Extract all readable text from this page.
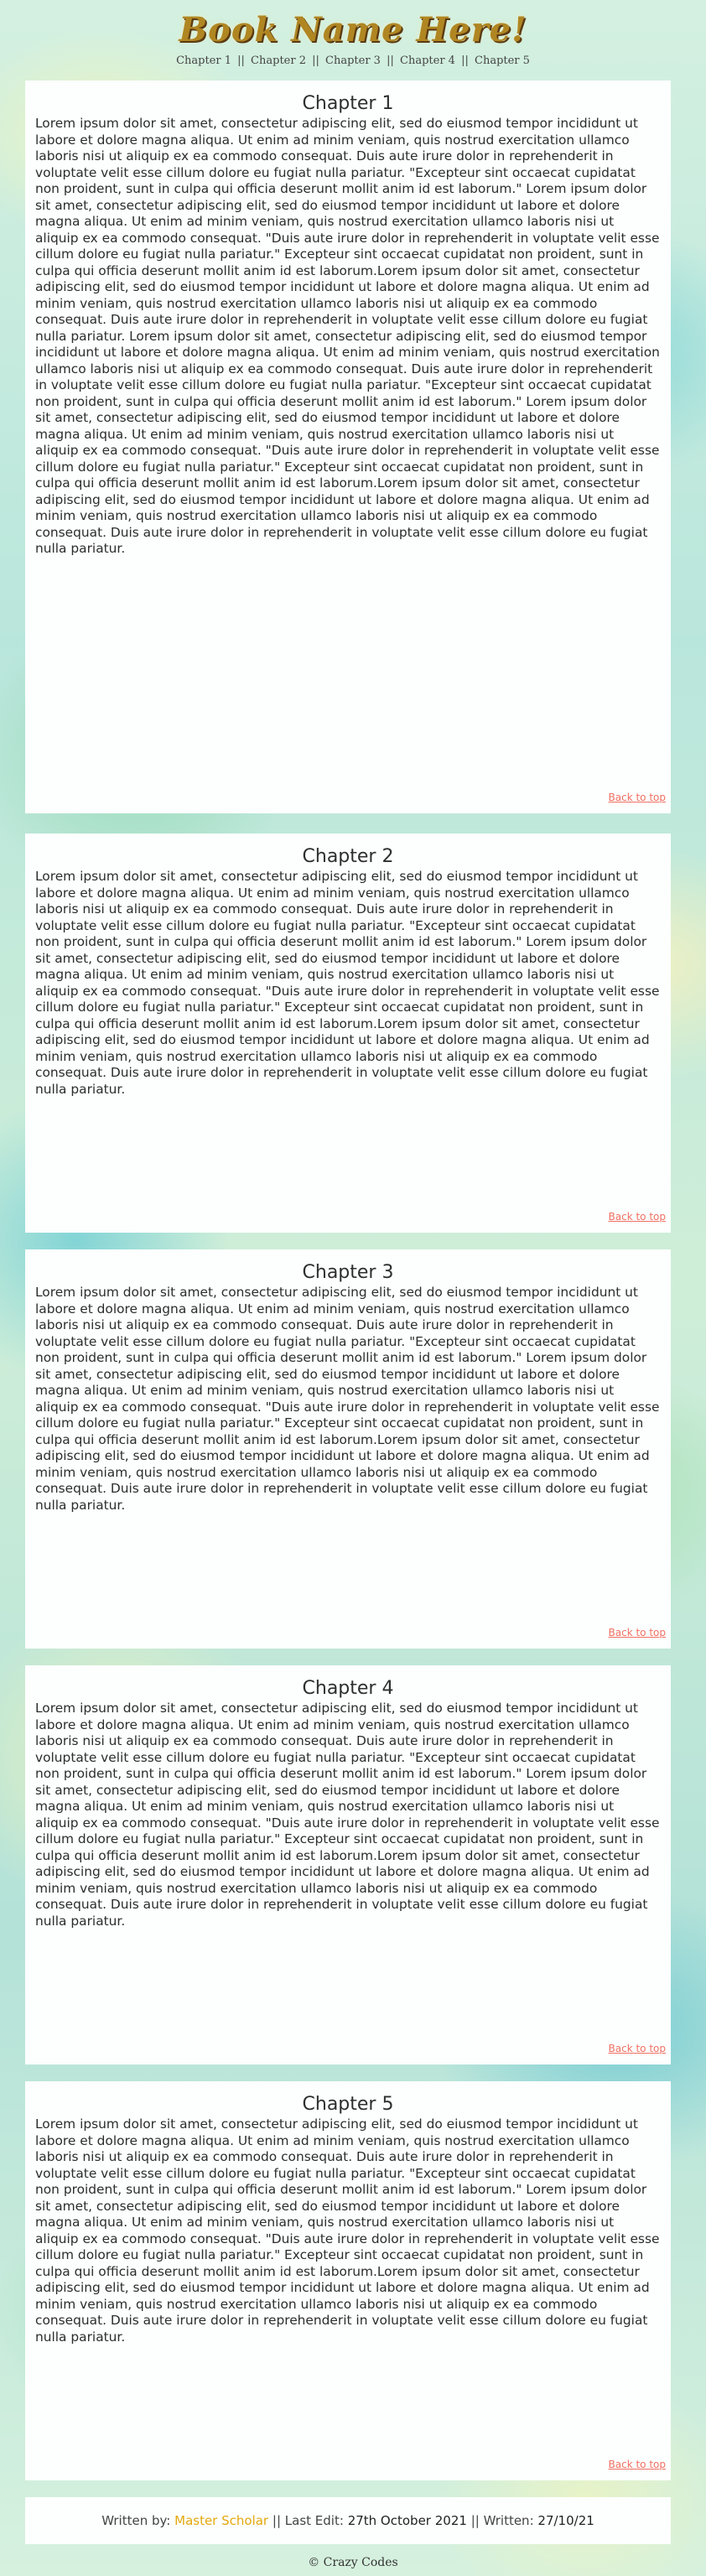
Book Name Here!
Chapter 1 || Chapter 2 || Chapter 3 || Chapter 4 || Chapter 5
Chapter 1

Lorem ipsum dolor sit amet, consectetur adipiscing elit, sed do eiusmod tempor incididunt ut labore et dolore magna aliqua. Ut enim ad minim veniam, quis nostrud exercitation ullamco laboris nisi ut aliquip ex ea commodo consequat. Duis aute irure dolor in reprehenderit in voluptate velit esse cillum dolore eu fugiat nulla pariatur. "Excepteur sint occaecat cupidatat non proident, sunt in culpa qui officia deserunt mollit anim id est laborum." Lorem ipsum dolor sit amet, consectetur adipiscing elit, sed do eiusmod tempor incididunt ut labore et dolore magna aliqua. Ut enim ad minim veniam, quis nostrud exercitation ullamco laboris nisi ut aliquip ex ea commodo consequat. "Duis aute irure dolor in reprehenderit in voluptate velit esse cillum dolore eu fugiat nulla pariatur." Excepteur sint occaecat cupidatat non proident, sunt in culpa qui officia deserunt mollit anim id est laborum.Lorem ipsum dolor sit amet, consectetur adipiscing elit, sed do eiusmod tempor incididunt ut labore et dolore magna aliqua. Ut enim ad minim veniam, quis nostrud exercitation ullamco laboris nisi ut aliquip ex ea commodo consequat. Duis aute irure dolor in reprehenderit in voluptate velit esse cillum dolore eu fugiat nulla pariatur. Lorem ipsum dolor sit amet, consectetur adipiscing elit, sed do eiusmod tempor incididunt ut labore et dolore magna aliqua. Ut enim ad minim veniam, quis nostrud exercitation ullamco laboris nisi ut aliquip ex ea commodo consequat. Duis aute irure dolor in reprehenderit in voluptate velit esse cillum dolore eu fugiat nulla pariatur. "Excepteur sint occaecat cupidatat non proident, sunt in culpa qui officia deserunt mollit anim id est laborum." Lorem ipsum dolor sit amet, consectetur adipiscing elit, sed do eiusmod tempor incididunt ut labore et dolore magna aliqua. Ut enim ad minim veniam, quis nostrud exercitation ullamco laboris nisi ut aliquip ex ea commodo consequat. "Duis aute irure dolor in reprehenderit in voluptate velit esse cillum dolore eu fugiat nulla pariatur." Excepteur sint occaecat cupidatat non proident, sunt in culpa qui officia deserunt mollit anim id est laborum.Lorem ipsum dolor sit amet, consectetur adipiscing elit, sed do eiusmod tempor incididunt ut labore et dolore magna aliqua. Ut enim ad minim veniam, quis nostrud exercitation ullamco laboris nisi ut aliquip ex ea commodo consequat. Duis aute irure dolor in reprehenderit in voluptate velit esse cillum dolore eu fugiat nulla pariatur.

Back to top
Chapter 2

Lorem ipsum dolor sit amet, consectetur adipiscing elit, sed do eiusmod tempor incididunt ut labore et dolore magna aliqua. Ut enim ad minim veniam, quis nostrud exercitation ullamco laboris nisi ut aliquip ex ea commodo consequat. Duis aute irure dolor in reprehenderit in voluptate velit esse cillum dolore eu fugiat nulla pariatur. "Excepteur sint occaecat cupidatat non proident, sunt in culpa qui officia deserunt mollit anim id est laborum." Lorem ipsum dolor sit amet, consectetur adipiscing elit, sed do eiusmod tempor incididunt ut labore et dolore magna aliqua. Ut enim ad minim veniam, quis nostrud exercitation ullamco laboris nisi ut aliquip ex ea commodo consequat. "Duis aute irure dolor in reprehenderit in voluptate velit esse cillum dolore eu fugiat nulla pariatur." Excepteur sint occaecat cupidatat non proident, sunt in culpa qui officia deserunt mollit anim id est laborum.Lorem ipsum dolor sit amet, consectetur adipiscing elit, sed do eiusmod tempor incididunt ut labore et dolore magna aliqua. Ut enim ad minim veniam, quis nostrud exercitation ullamco laboris nisi ut aliquip ex ea commodo consequat. Duis aute irure dolor in reprehenderit in voluptate velit esse cillum dolore eu fugiat nulla pariatur.

Back to top
Chapter 3

Lorem ipsum dolor sit amet, consectetur adipiscing elit, sed do eiusmod tempor incididunt ut labore et dolore magna aliqua. Ut enim ad minim veniam, quis nostrud exercitation ullamco laboris nisi ut aliquip ex ea commodo consequat. Duis aute irure dolor in reprehenderit in voluptate velit esse cillum dolore eu fugiat nulla pariatur. "Excepteur sint occaecat cupidatat non proident, sunt in culpa qui officia deserunt mollit anim id est laborum." Lorem ipsum dolor sit amet, consectetur adipiscing elit, sed do eiusmod tempor incididunt ut labore et dolore magna aliqua. Ut enim ad minim veniam, quis nostrud exercitation ullamco laboris nisi ut aliquip ex ea commodo consequat. "Duis aute irure dolor in reprehenderit in voluptate velit esse cillum dolore eu fugiat nulla pariatur." Excepteur sint occaecat cupidatat non proident, sunt in culpa qui officia deserunt mollit anim id est laborum.Lorem ipsum dolor sit amet, consectetur adipiscing elit, sed do eiusmod tempor incididunt ut labore et dolore magna aliqua. Ut enim ad minim veniam, quis nostrud exercitation ullamco laboris nisi ut aliquip ex ea commodo consequat. Duis aute irure dolor in reprehenderit in voluptate velit esse cillum dolore eu fugiat nulla pariatur.

Back to top
Chapter 4

Lorem ipsum dolor sit amet, consectetur adipiscing elit, sed do eiusmod tempor incididunt ut labore et dolore magna aliqua. Ut enim ad minim veniam, quis nostrud exercitation ullamco laboris nisi ut aliquip ex ea commodo consequat. Duis aute irure dolor in reprehenderit in voluptate velit esse cillum dolore eu fugiat nulla pariatur. "Excepteur sint occaecat cupidatat non proident, sunt in culpa qui officia deserunt mollit anim id est laborum." Lorem ipsum dolor sit amet, consectetur adipiscing elit, sed do eiusmod tempor incididunt ut labore et dolore magna aliqua. Ut enim ad minim veniam, quis nostrud exercitation ullamco laboris nisi ut aliquip ex ea commodo consequat. "Duis aute irure dolor in reprehenderit in voluptate velit esse cillum dolore eu fugiat nulla pariatur." Excepteur sint occaecat cupidatat non proident, sunt in culpa qui officia deserunt mollit anim id est laborum.Lorem ipsum dolor sit amet, consectetur adipiscing elit, sed do eiusmod tempor incididunt ut labore et dolore magna aliqua. Ut enim ad minim veniam, quis nostrud exercitation ullamco laboris nisi ut aliquip ex ea commodo consequat. Duis aute irure dolor in reprehenderit in voluptate velit esse cillum dolore eu fugiat nulla pariatur.

Back to top
Chapter 5

Lorem ipsum dolor sit amet, consectetur adipiscing elit, sed do eiusmod tempor incididunt ut labore et dolore magna aliqua. Ut enim ad minim veniam, quis nostrud exercitation ullamco laboris nisi ut aliquip ex ea commodo consequat. Duis aute irure dolor in reprehenderit in voluptate velit esse cillum dolore eu fugiat nulla pariatur. "Excepteur sint occaecat cupidatat non proident, sunt in culpa qui officia deserunt mollit anim id est laborum." Lorem ipsum dolor sit amet, consectetur adipiscing elit, sed do eiusmod tempor incididunt ut labore et dolore magna aliqua. Ut enim ad minim veniam, quis nostrud exercitation ullamco laboris nisi ut aliquip ex ea commodo consequat. "Duis aute irure dolor in reprehenderit in voluptate velit esse cillum dolore eu fugiat nulla pariatur." Excepteur sint occaecat cupidatat non proident, sunt in culpa qui officia deserunt mollit anim id est laborum.Lorem ipsum dolor sit amet, consectetur adipiscing elit, sed do eiusmod tempor incididunt ut labore et dolore magna aliqua. Ut enim ad minim veniam, quis nostrud exercitation ullamco laboris nisi ut aliquip ex ea commodo consequat. Duis aute irure dolor in reprehenderit in voluptate velit esse cillum dolore eu fugiat nulla pariatur.

Back to top
Written by: Master Scholar || Last Edit: 27th October 2021 || Written: 27/10/21
© Crazy Codes
